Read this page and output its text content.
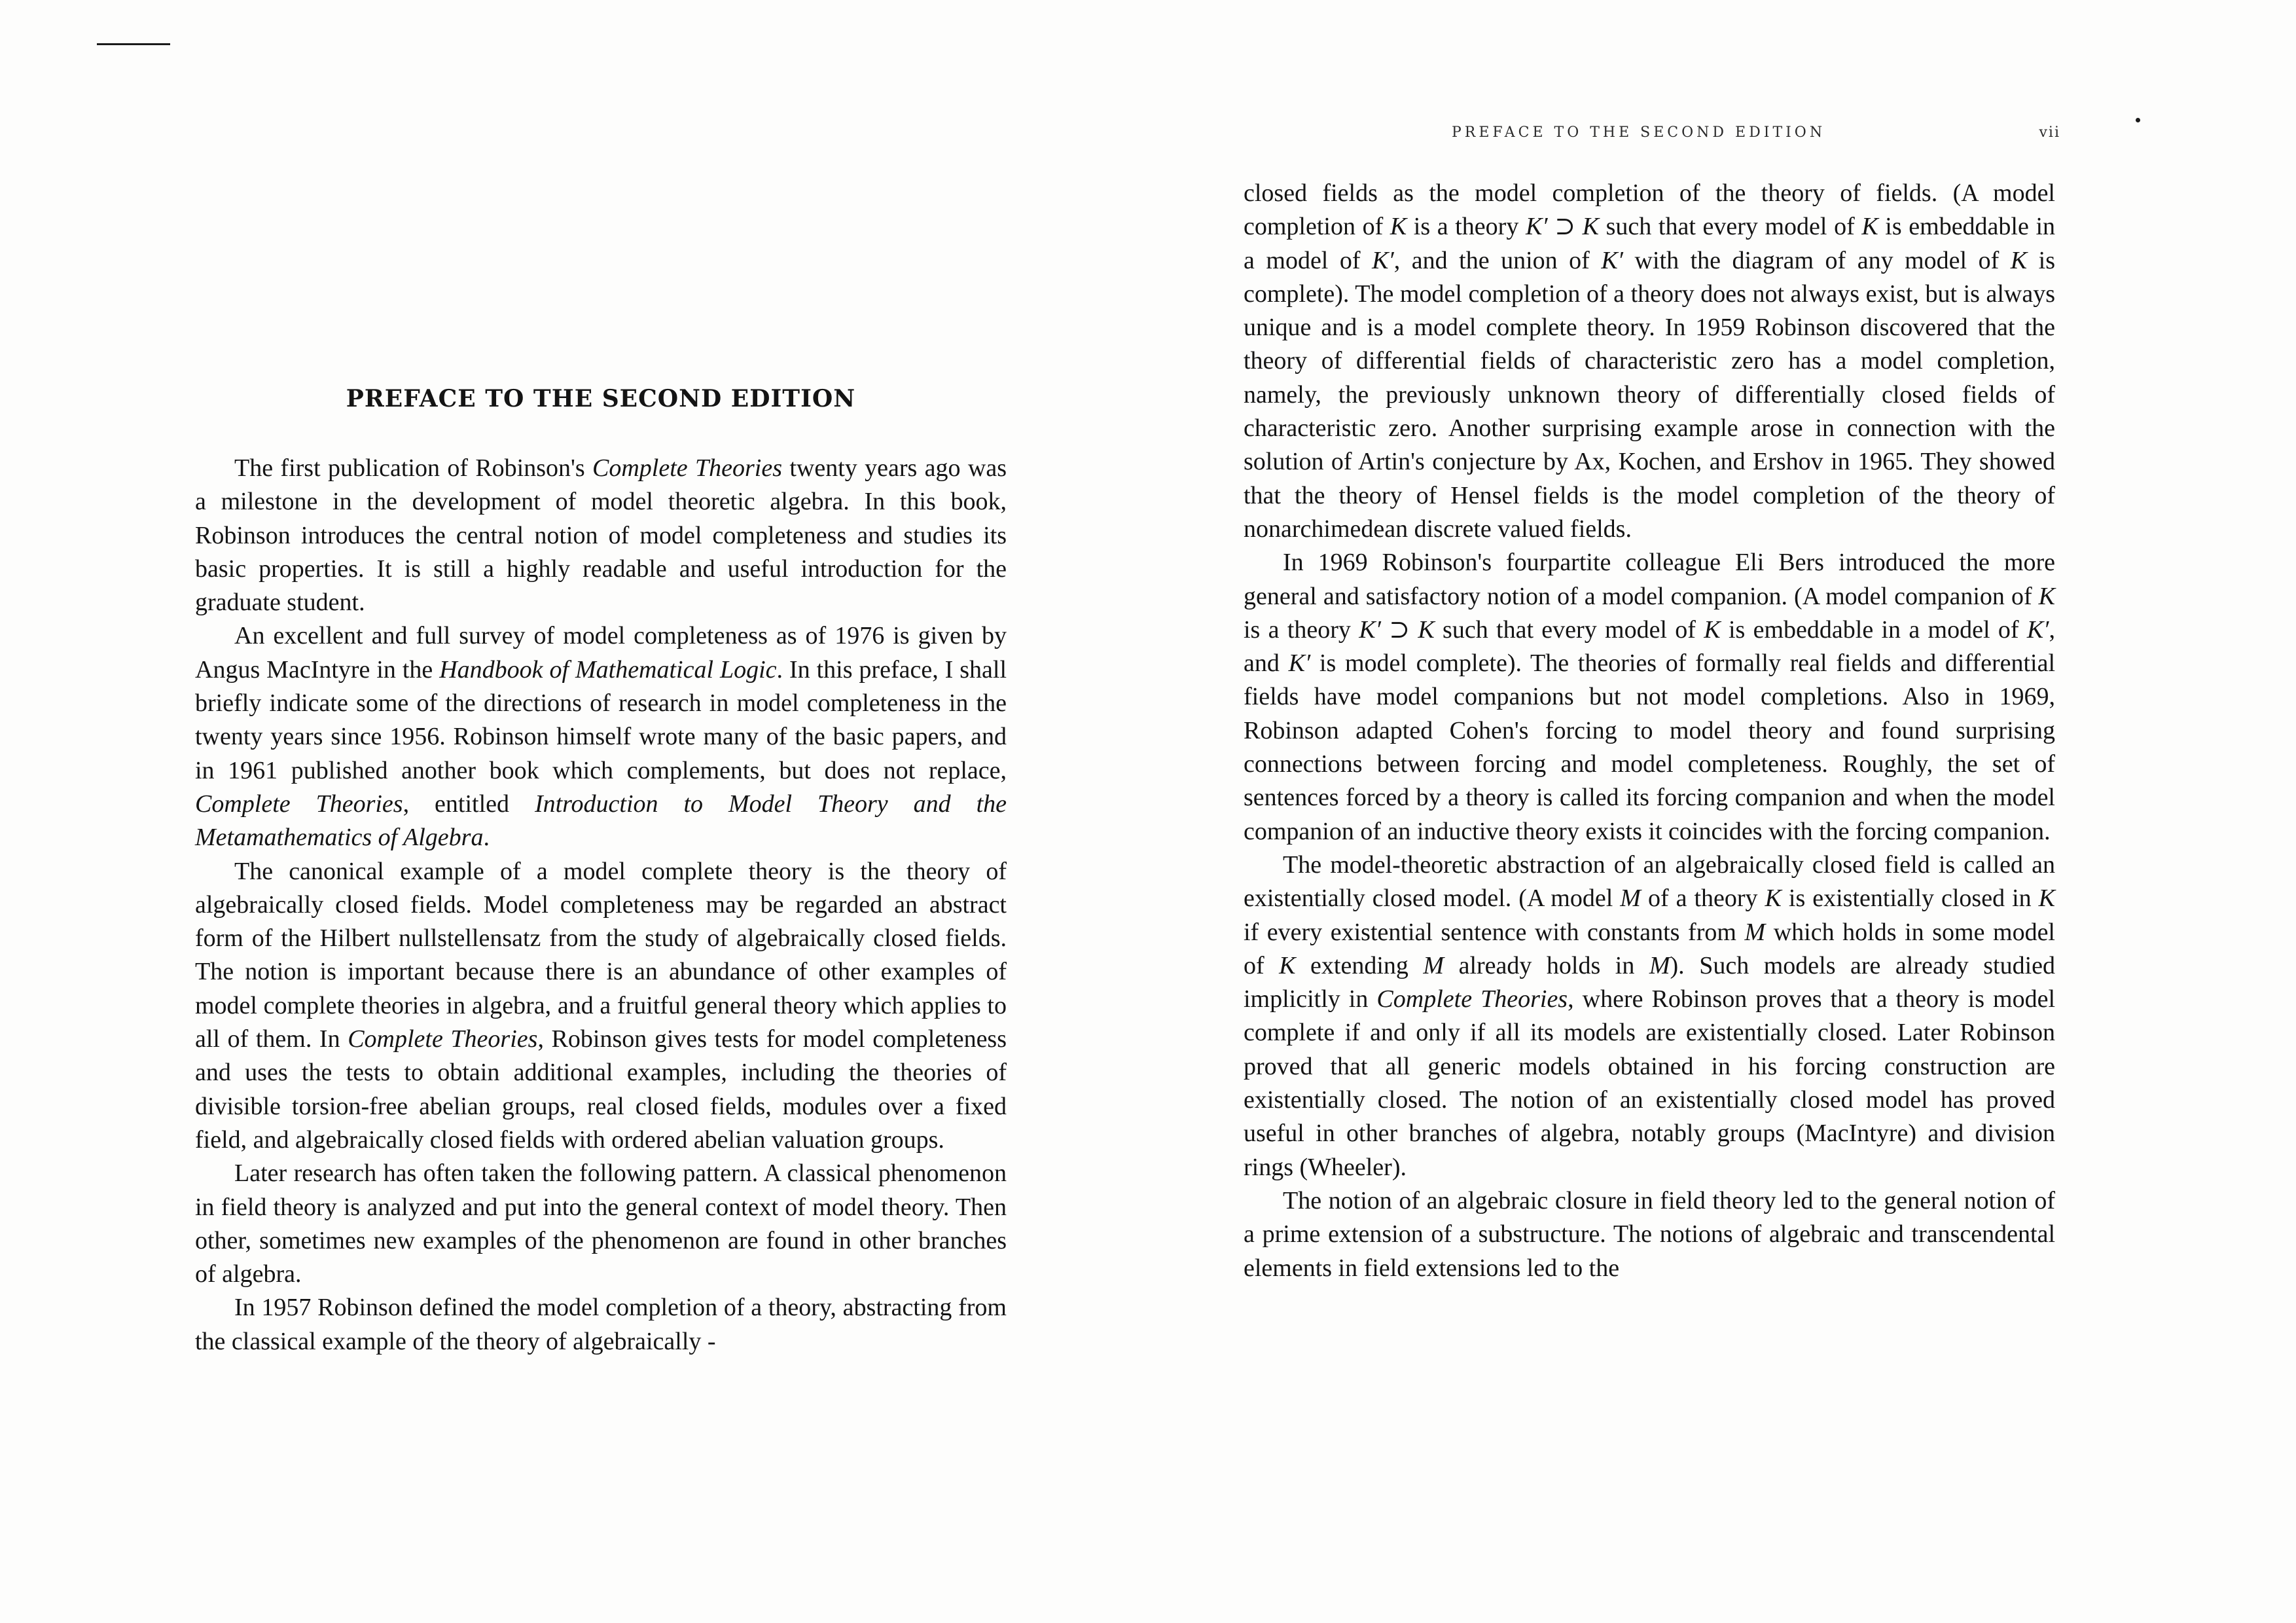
PREFACE TO THE SECOND EDITION

The first publication of Robinson's Complete Theories twenty years ago was a milestone in the development of model theoretic algebra. In this book, Robinson introduces the central notion of model completeness and studies its basic properties. It is still a highly readable and useful introduction for the graduate student.

An excellent and full survey of model completeness as of 1976 is given by Angus MacIntyre in the Handbook of Mathematical Logic. In this preface, I shall briefly indicate some of the directions of research in model completeness in the twenty years since 1956. Robinson himself wrote many of the basic papers, and in 1961 published another book which complements, but does not replace, Complete Theories, entitled Introduction to Model Theory and the Metamathematics of Algebra.

The canonical example of a model complete theory is the theory of algebraically closed fields. Model completeness may be regarded an abstract form of the Hilbert nullstellensatz from the study of algebraically closed fields. The notion is important because there is an abundance of other examples of model complete theories in algebra, and a fruitful general theory which applies to all of them. In Complete Theories, Robinson gives tests for model completeness and uses the tests to obtain additional examples, including the theories of divisible torsion-free abelian groups, real closed fields, modules over a fixed field, and algebraically closed fields with ordered abelian valuation groups.

Later research has often taken the following pattern. A classical phenomenon in field theory is analyzed and put into the general context of model theory. Then other, sometimes new examples of the phenomenon are found in other branches of algebra.

In 1957 Robinson defined the model completion of a theory, abstracting from the classical example of the theory of algebraically -

PREFACE TO THE SECOND EDITION	vii

closed fields as the model completion of the theory of fields. (A model completion of K is a theory K′ ⊃ K such that every model of K is embeddable in a model of K′, and the union of K′ with the diagram of any model of K is complete). The model completion of a theory does not always exist, but is always unique and is a model complete theory. In 1959 Robinson discovered that the theory of differential fields of characteristic zero has a model completion, namely, the previously unknown theory of differentially closed fields of characteristic zero. Another surprising example arose in connection with the solution of Artin's conjecture by Ax, Kochen, and Ershov in 1965. They showed that the theory of Hensel fields is the model completion of the theory of nonarchimedean discrete valued fields.

In 1969 Robinson's fourpartite colleague Eli Bers introduced the more general and satisfactory notion of a model companion. (A model companion of K is a theory K′ ⊃ K such that every model of K is embeddable in a model of K′, and K′ is model complete). The theories of formally real fields and differential fields have model companions but not model completions. Also in 1969, Robinson adapted Cohen's forcing to model theory and found surprising connections between forcing and model completeness. Roughly, the set of sentences forced by a theory is called its forcing companion and when the model companion of an inductive theory exists it coincides with the forcing companion.

The model-theoretic abstraction of an algebraically closed field is called an existentially closed model. (A model M of a theory K is existentially closed in K if every existential sentence with constants from M which holds in some model of K extending M already holds in M). Such models are already studied implicitly in Complete Theories, where Robinson proves that a theory is model complete if and only if all its models are existentially closed. Later Robinson proved that all generic models obtained in his forcing construction are existentially closed. The notion of an existentially closed model has proved useful in other branches of algebra, notably groups (MacIntyre) and division rings (Wheeler).

The notion of an algebraic closure in field theory led to the general notion of a prime extension of a substructure. The notions of algebraic and transcendental elements in field extensions led to the
